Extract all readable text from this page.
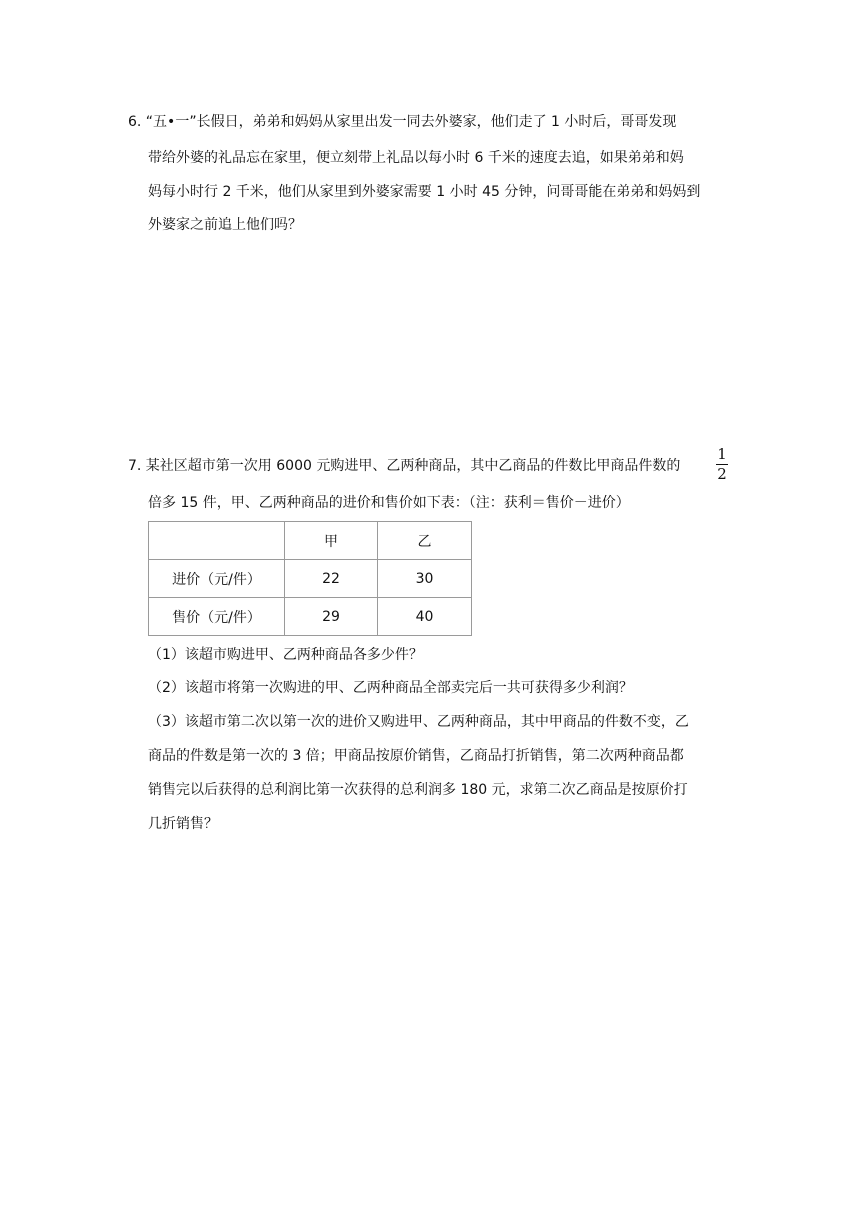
6. “五•一”长假日，弟弟和妈妈从家里出发一同去外婆家，他们走了 1 小时后，哥哥发现
带给外婆的礼品忘在家里，便立刻带上礼品以每小时 6 千米的速度去追，如果弟弟和妈
妈每小时行 2 千米，他们从家里到外婆家需要 1 小时 45 分钟，问哥哥能在弟弟和妈妈到
外婆家之前追上他们吗？
7. 某社区超市第一次用 6000 元购进甲、乙两种商品，其中乙商品的件数比甲商品件数的
1
2
倍多 15 件，甲、乙两种商品的进价和售价如下表：（注：获利＝售价－进价）
	甲	乙
进价（元/件）	22	30
售价（元/件）	29	40
（1）该超市购进甲、乙两种商品各多少件？
（2）该超市将第一次购进的甲、乙两种商品全部卖完后一共可获得多少利润？
（3）该超市第二次以第一次的进价又购进甲、乙两种商品，其中甲商品的件数不变，乙
商品的件数是第一次的 3 倍；甲商品按原价销售，乙商品打折销售，第二次两种商品都
销售完以后获得的总利润比第一次获得的总利润多 180 元，求第二次乙商品是按原价打
几折销售？
